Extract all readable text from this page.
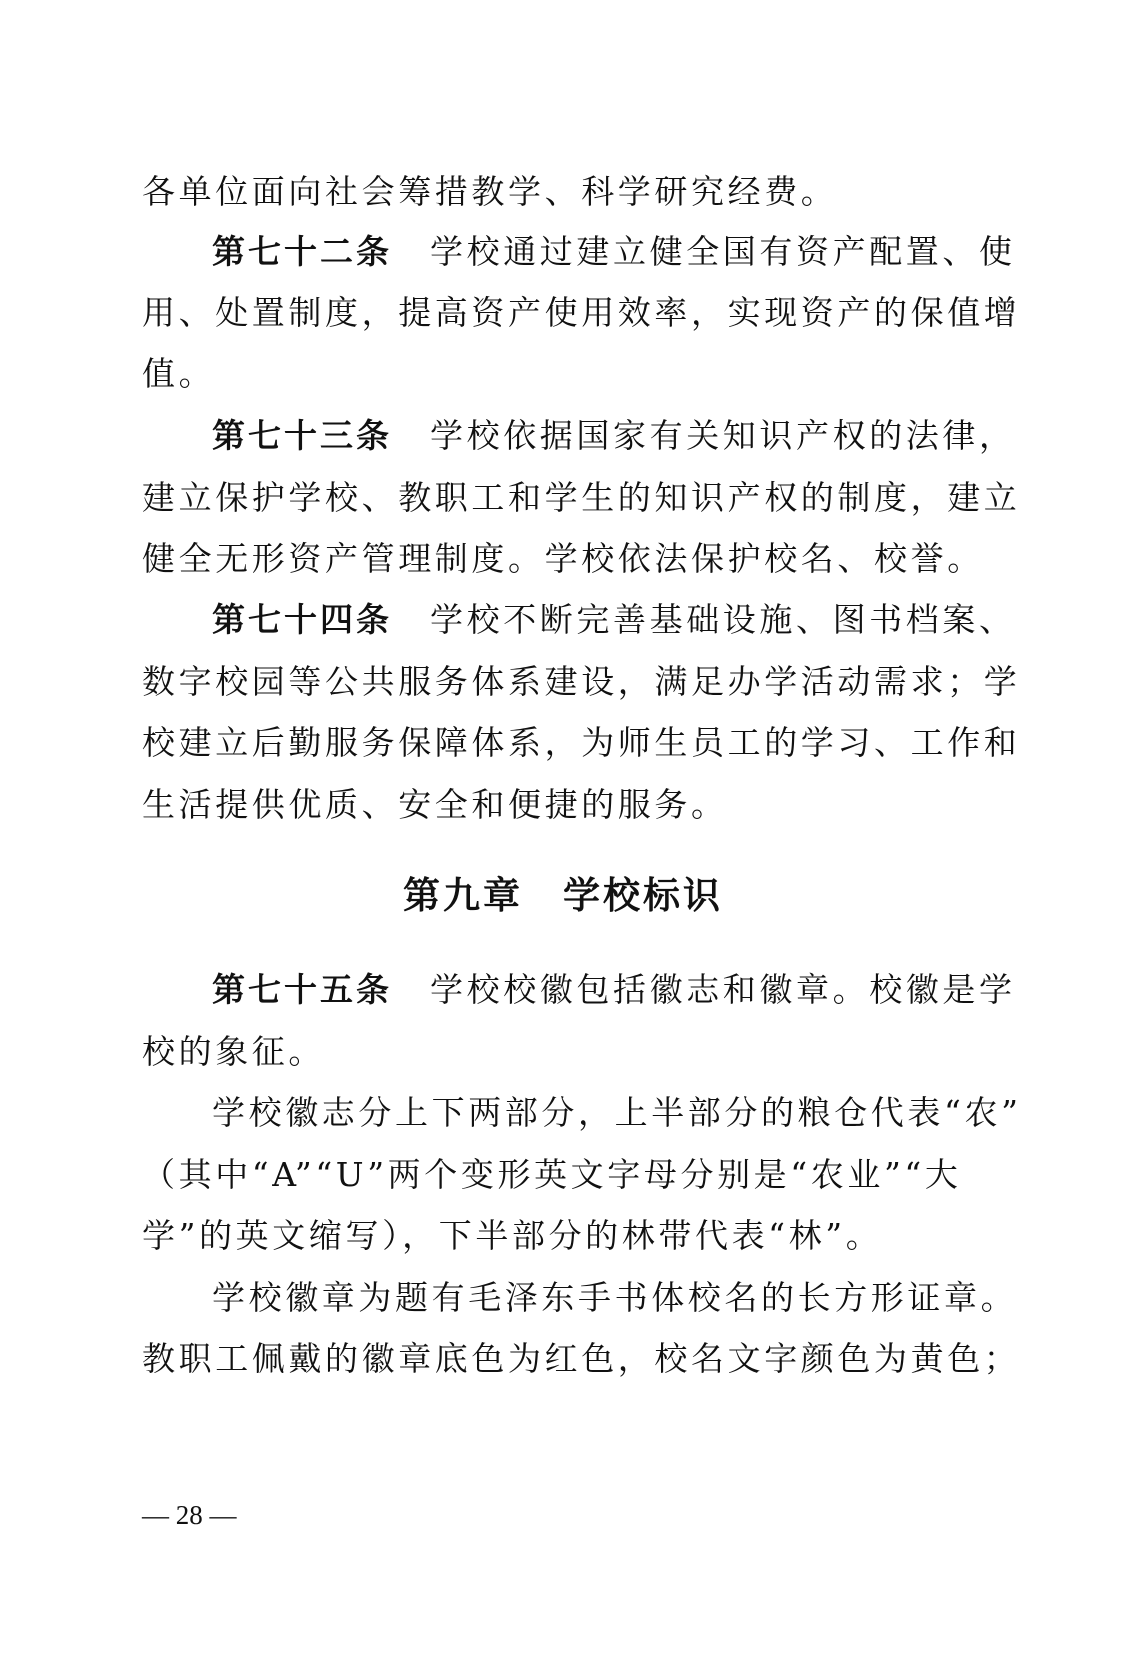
各单位面向社会筹措教学、科学研究经费。
第七十二条 学校通过建立健全国有资产配置、使
用、处置制度，提高资产使用效率，实现资产的保值增
值。
第七十三条 学校依据国家有关知识产权的法律，
建立保护学校、教职工和学生的知识产权的制度，建立
健全无形资产管理制度。学校依法保护校名、校誉。
第七十四条 学校不断完善基础设施、图书档案、
数字校园等公共服务体系建设，满足办学活动需求；学
校建立后勤服务保障体系，为师生员工的学习、工作和
生活提供优质、安全和便捷的服务。
第九章 学校标识
第七十五条 学校校徽包括徽志和徽章。校徽是学
校的象征。
学校徽志分上下两部分，上半部分的粮仓代表“农”
（其中“A”“U”两个变形英文字母分别是“农业”“大
学”的英文缩写），下半部分的林带代表“林”。
学校徽章为题有毛泽东手书体校名的长方形证章。
教职工佩戴的徽章底色为红色，校名文字颜色为黄色；
— 28 —
